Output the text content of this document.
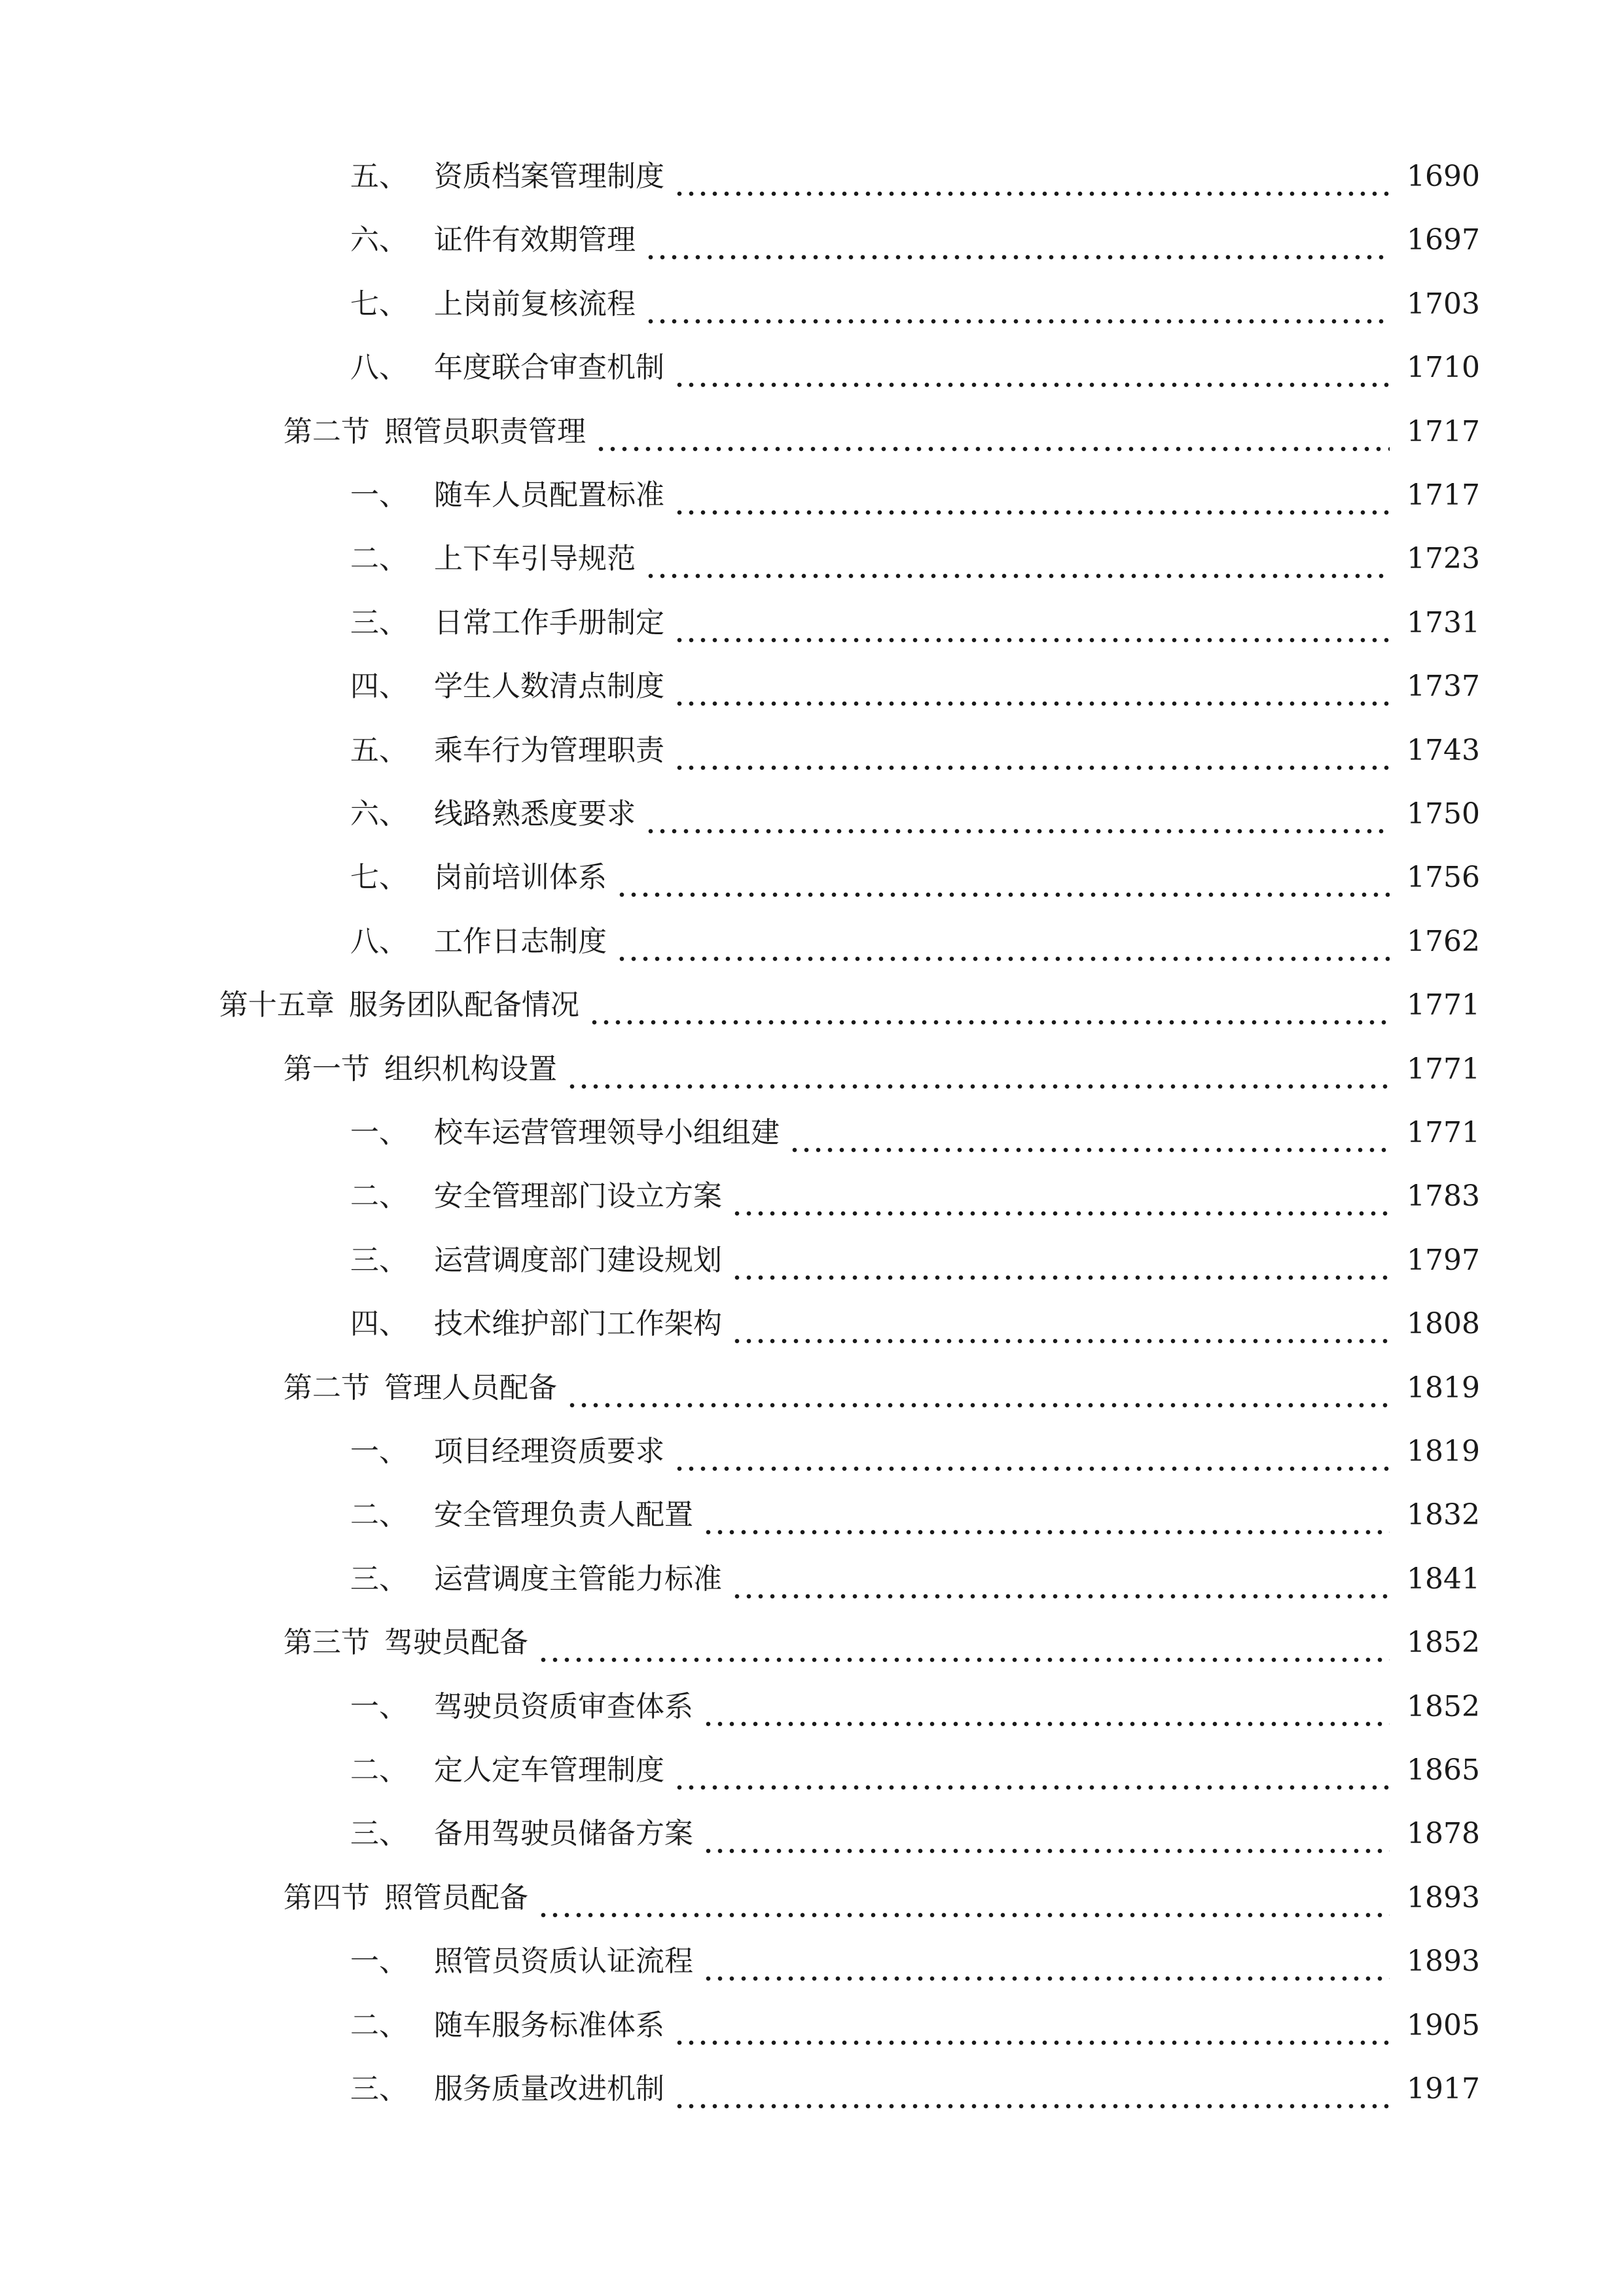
五、 资质档案管理制度	1690
六、 证件有效期管理	1697
七、 上岗前复核流程	1703
八、 年度联合审查机制	1710
第二节 照管员职责管理	1717
一、 随车人员配置标准	1717
二、 上下车引导规范	1723
三、 日常工作手册制定	1731
四、 学生人数清点制度	1737
五、 乘车行为管理职责	1743
六、 线路熟悉度要求	1750
七、 岗前培训体系	1756
八、 工作日志制度	1762
第十五章 服务团队配备情况	1771
第一节 组织机构设置	1771
一、 校车运营管理领导小组组建	1771
二、 安全管理部门设立方案	1783
三、 运营调度部门建设规划	1797
四、 技术维护部门工作架构	1808
第二节 管理人员配备	1819
一、 项目经理资质要求	1819
二、 安全管理负责人配置	1832
三、 运营调度主管能力标准	1841
第三节 驾驶员配备	1852
一、 驾驶员资质审查体系	1852
二、 定人定车管理制度	1865
三、 备用驾驶员储备方案	1878
第四节 照管员配备	1893
一、 照管员资质认证流程	1893
二、 随车服务标准体系	1905
三、 服务质量改进机制	1917
